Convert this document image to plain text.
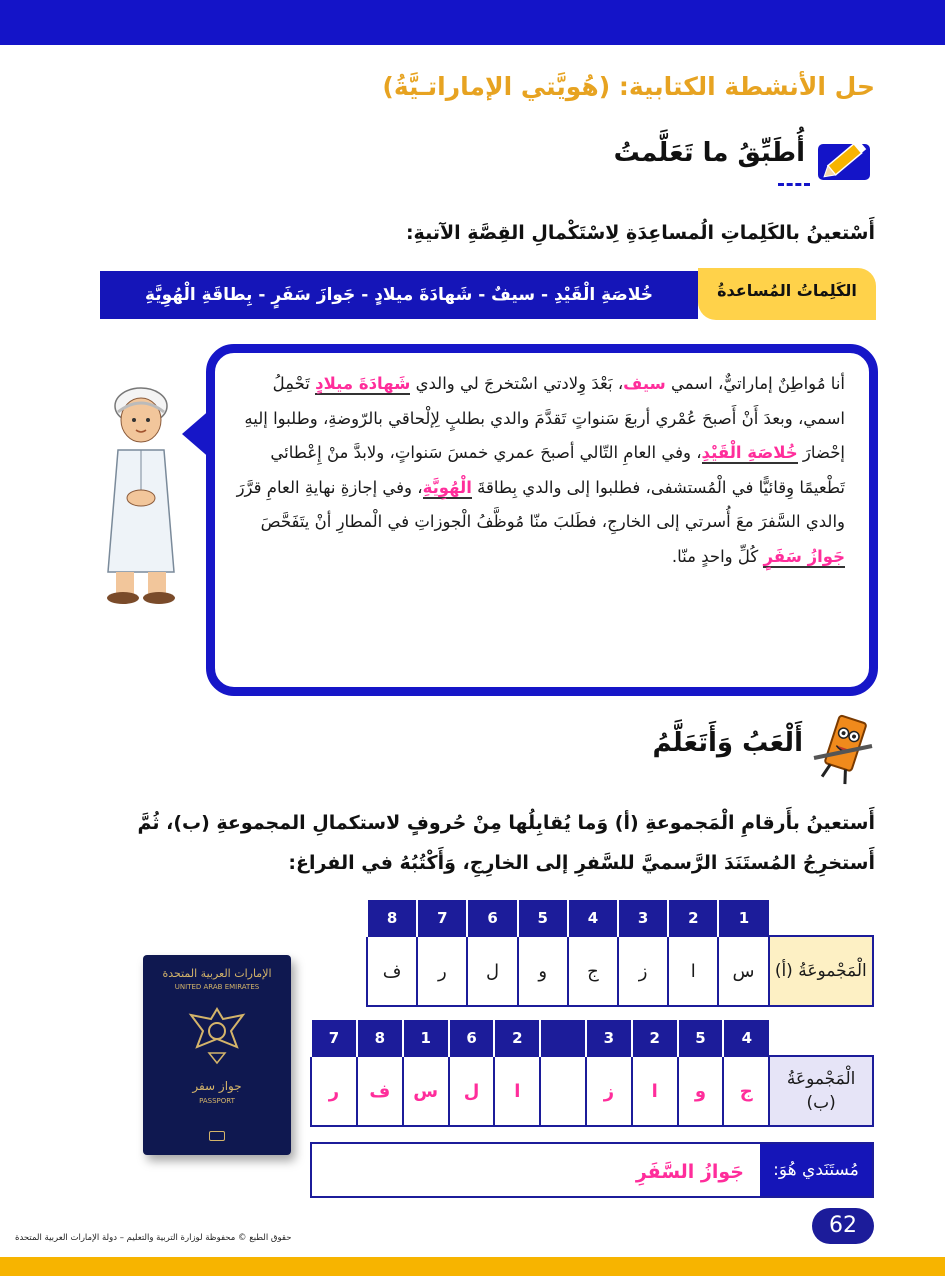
حل الأنشطة الكتابية: (هُويَّتي الإماراتـيَّةُ)
أُطَبِّقُ ما تَعَلَّمتُ
أَسْتعينُ بالكَلِماتِ الُمساعِدَةِ لِاسْتَكْمالِ القِصَّةِ الآتيةِ:
الكَلِماتُ المُساعدةُ
خُلاصَةِ الْقَيْدِ - سيفٌ - شَهادَةَ ميلادٍ - جَوازَ سَفَرٍ - بِطاقَةِ الْهُوِيَّةِ
أنا مُواطِنٌ إماراتيٌّ، اسمي سيف، بَعْدَ وِلادتي اسْتخرجَ لي والدي شَهادَةَ ميلادٍ تَحْمِلُ اسمي، وبعدَ أَنْ أَصبحَ عُمْري أربعَ سَنواتٍ تَقدَّمَ والدي بطلبٍ لِإلْحاقي بالرّوضةِ، وطلبوا إليهِ إحْضارَ خُلاصَةِ الْقَيْدِ، وفي العامِ التّالي أصبحَ عمري خمسَ سَنواتٍ، ولابدَّ منْ إِعْطائي تَطْعيمًا وِقائيًّا في الْمُستشفى، فطلبوا إلى والدي بِطاقةَ الْهُوِيَّةِ، وفي إجازةِ نهايةِ العامِ قرَّرَ والدي السَّفرَ معَ أُسرتي إلى الخارجِ، فطَلبَ منّا مُوظَّفُ الْجوزاتِ في الْمطارِ أنْ يتَفَحَّصَ جَوازُ سَفَرٍ كُلِّ واحدٍ منّا.
أَلْعَبُ وَأَتَعَلَّمُ
أَستعينُ بأَرقامِ الْمَجموعةِ (أ) وَما يُقابِلُها مِنْ حُروفٍ لاستكمالِ المجموعةِ (ب)، ثُمَّ
أَستخرِجُ المُستَنَدَ الرَّسميَّ للسَّفرِ إلى الخارِجِ، وَأَكْتُبُهُ في الفراغ:
الإمارات العربية المتحدة
UNITED ARAB EMIRATES
جواز سفر
PASSPORT
	1	2	3	4	5	6	7	8
الْمَجْموعَةُ (أ)	س	ا	ز	ج	و	ل	ر	ف
	4	5	2	3		2	6	1	8	7
الْمَجْموعَةُ (ب)	ج	و	ا	ز		ا	ل	س	ف	ر
مُستَنَدي هُوَ:
جَوازُ السَّفَرِ
62
حقوق الطبع © محفوظة لوزارة التربية والتعليم – دولة الإمارات العربية المتحدة
